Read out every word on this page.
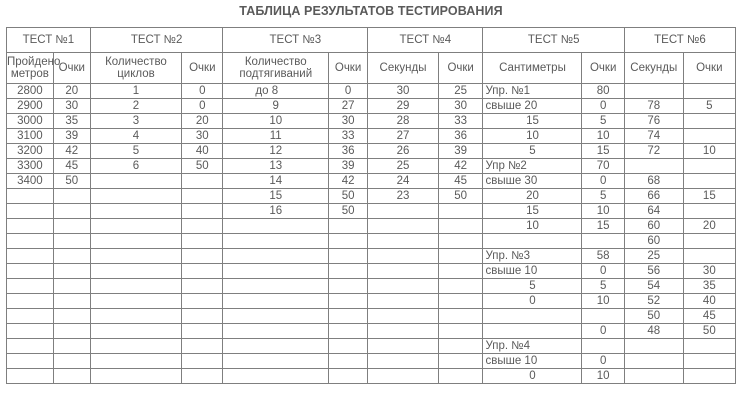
ТАБЛИЦА РЕЗУЛЬТАТОВ ТЕСТИРОВАНИЯ
ТЕСТ №1		ТЕСТ №2		ТЕСТ №3		ТЕСТ №4		ТЕСТ №5		ТЕСТ №6	
Пройдено метров	Очки	Количество циклов	Очки	Количество подтягиваний	Очки	Секунды	Очки	Сантиметры	Очки	Секунды	Очки
2800	20	1	0	до 8	0	30	25	Упр. №1	80		
2900	30	2	0	9	27	29	30	свыше 20	0	78	5
3000	35	3	20	10	30	28	33	15	5	76	
3100	39	4	30	11	33	27	36	10	10	74	
3200	42	5	40	12	36	26	39	5	15	72	10
3300	45	6	50	13	39	25	42	Упр №2	70		
3400	50			14	42	24	45	свыше 30	0	68	
				15	50	23	50	20	5	66	15
				16	50			15	10	64	
								10	15	60	20
										60	
								Упр. №3	58	25	
								свыше 10	0	56	30
								5	5	54	35
								0	10	52	40
										50	45
									0	48	50
								Упр. №4			
								свыше 10	0		
								0	10		
